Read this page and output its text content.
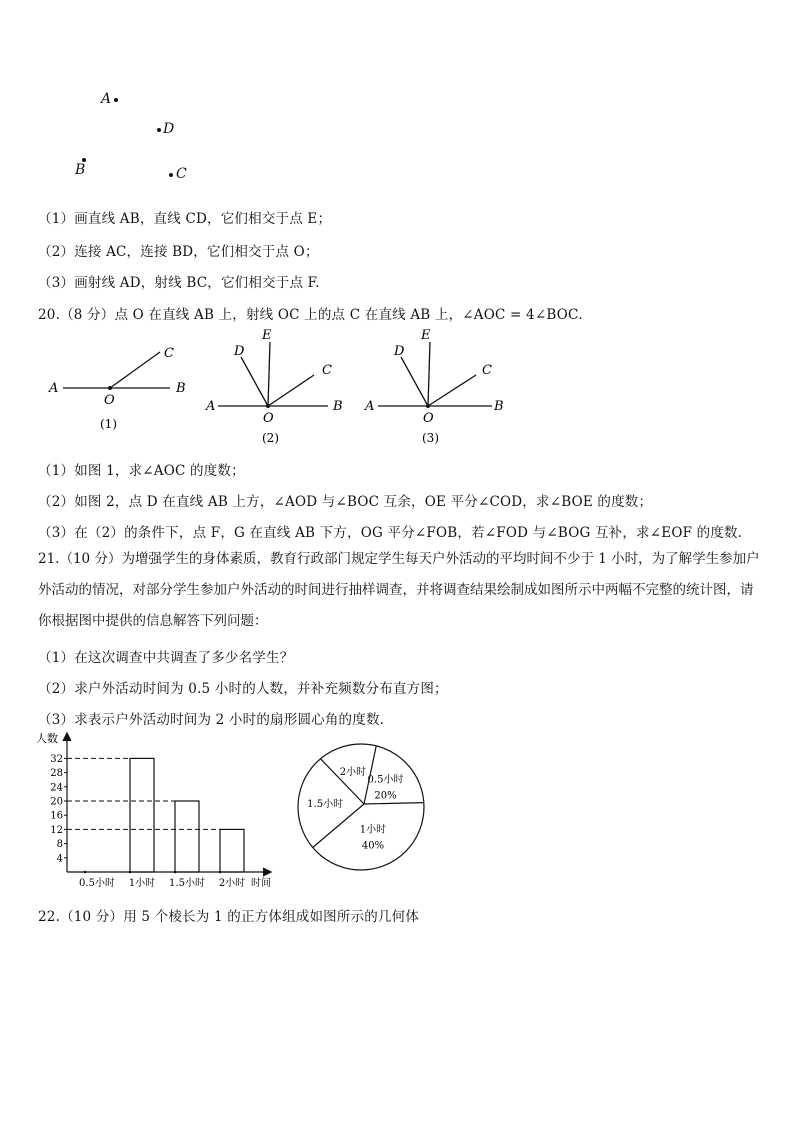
A
D
B	C
（1）画直线 AB，直线 CD，它们相交于点 E；
（2）连接 AC，连接 BD，它们相交于点 O；
（3）画射线 AD，射线 BC，它们相交于点 F.
20.（8 分）点 O 在直线 AB 上，射线 OC 上的点 C 在直线 AB 上，∠AOC = 4∠BOC．
A	B
C
O
(1)
A	B
C
D
E
O
(2)
A	B
C
D
E
O
(3)
（1）如图 1，求∠AOC 的度数；
（2）如图 2，点 D 在直线 AB 上方，∠AOD 与∠BOC 互余，OE 平分∠COD，求∠BOE 的度数；
（3）在（2）的条件下，点 F，G 在直线 AB 下方，OG 平分∠FOB，若∠FOD 与∠BOG 互补，求∠EOF 的度数.
21.（10 分）为增强学生的身体素质，教育行政部门规定学生每天户外活动的平均时间不少于 1 小时，为了解学生参加户外活动的情况，对部分学生参加户外活动的时间进行抽样调查，并将调查结果绘制成如图所示中两幅不完整的统计图，请你根据图中提供的信息解答下列问题：
（1）在这次调查中共调查了多少名学生？
（2）求户外活动时间为 0.5 小时的人数，并补充频数分布直方图；
（3）求表示户外活动时间为 2 小时的扇形圆心角的度数.
人数
时间
4
8
12
16
20
24
28
32
0.5小时 1小时 1.5小时 2小时
2小时
0.5小时
20%
1小时
40%
1.5小时
22.（10 分）用 5 个棱长为 1 的正方体组成如图所示的几何体
